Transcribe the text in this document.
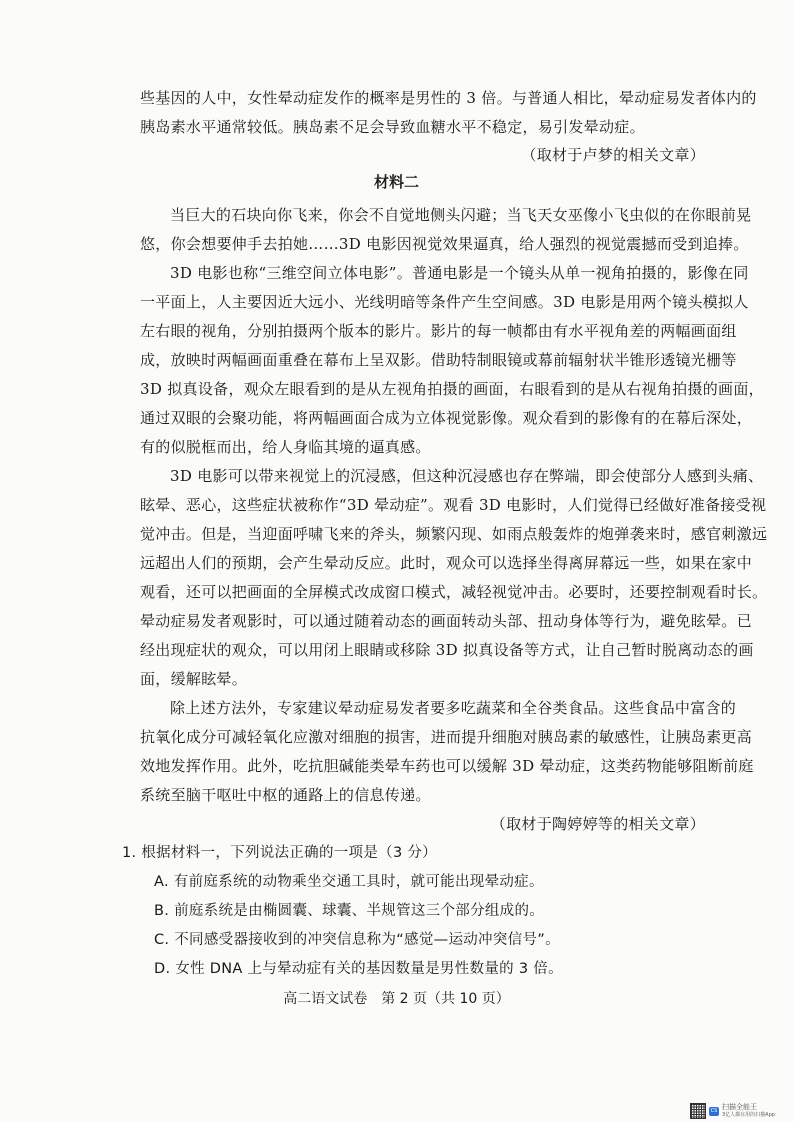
些基因的人中，女性晕动症发作的概率是男性的 3 倍。与普通人相比，晕动症易发者体内的
胰岛素水平通常较低。胰岛素不足会导致血糖水平不稳定，易引发晕动症。
（取材于卢梦的相关文章）
材料二
当巨大的石块向你飞来，你会不自觉地侧头闪避；当飞天女巫像小飞虫似的在你眼前晃
悠，你会想要伸手去拍她……3D 电影因视觉效果逼真，给人强烈的视觉震撼而受到追捧。
3D 电影也称“三维空间立体电影”。普通电影是一个镜头从单一视角拍摄的，影像在同
一平面上，人主要因近大远小、光线明暗等条件产生空间感。3D 电影是用两个镜头模拟人
左右眼的视角，分别拍摄两个版本的影片。影片的每一帧都由有水平视角差的两幅画面组
成，放映时两幅画面重叠在幕布上呈双影。借助特制眼镜或幕前辐射状半锥形透镜光栅等
3D 拟真设备，观众左眼看到的是从左视角拍摄的画面，右眼看到的是从右视角拍摄的画面，
通过双眼的会聚功能，将两幅画面合成为立体视觉影像。观众看到的影像有的在幕后深处，
有的似脱框而出，给人身临其境的逼真感。
3D 电影可以带来视觉上的沉浸感，但这种沉浸感也存在弊端，即会使部分人感到头痛、
眩晕、恶心，这些症状被称作“3D 晕动症”。观看 3D 电影时，人们觉得已经做好准备接受视
觉冲击。但是，当迎面呼啸飞来的斧头，频繁闪现、如雨点般轰炸的炮弹袭来时，感官刺激远
远超出人们的预期，会产生晕动反应。此时，观众可以选择坐得离屏幕远一些，如果在家中
观看，还可以把画面的全屏模式改成窗口模式，减轻视觉冲击。必要时，还要控制观看时长。
晕动症易发者观影时，可以通过随着动态的画面转动头部、扭动身体等行为，避免眩晕。已
经出现症状的观众，可以用闭上眼睛或移除 3D 拟真设备等方式，让自己暂时脱离动态的画
面，缓解眩晕。
除上述方法外，专家建议晕动症易发者要多吃蔬菜和全谷类食品。这些食品中富含的
抗氧化成分可减轻氧化应激对细胞的损害，进而提升细胞对胰岛素的敏感性，让胰岛素更高
效地发挥作用。此外，吃抗胆碱能类晕车药也可以缓解 3D 晕动症，这类药物能够阻断前庭
系统至脑干呕吐中枢的通路上的信息传递。
（取材于陶婷婷等的相关文章）
1. 根据材料一，下列说法正确的一项是（3 分）
A. 有前庭系统的动物乘坐交通工具时，就可能出现晕动症。
B. 前庭系统是由椭圆囊、球囊、半规管这三个部分组成的。
C. 不同感受器接收到的冲突信息称为“感觉—运动冲突信号”。
D. 女性 DNA 上与晕动症有关的基因数量是男性数量的 3 倍。
高二语文试卷　第 2 页（共 10 页）
CS 扫描全能王
3亿人都在用的扫描App
